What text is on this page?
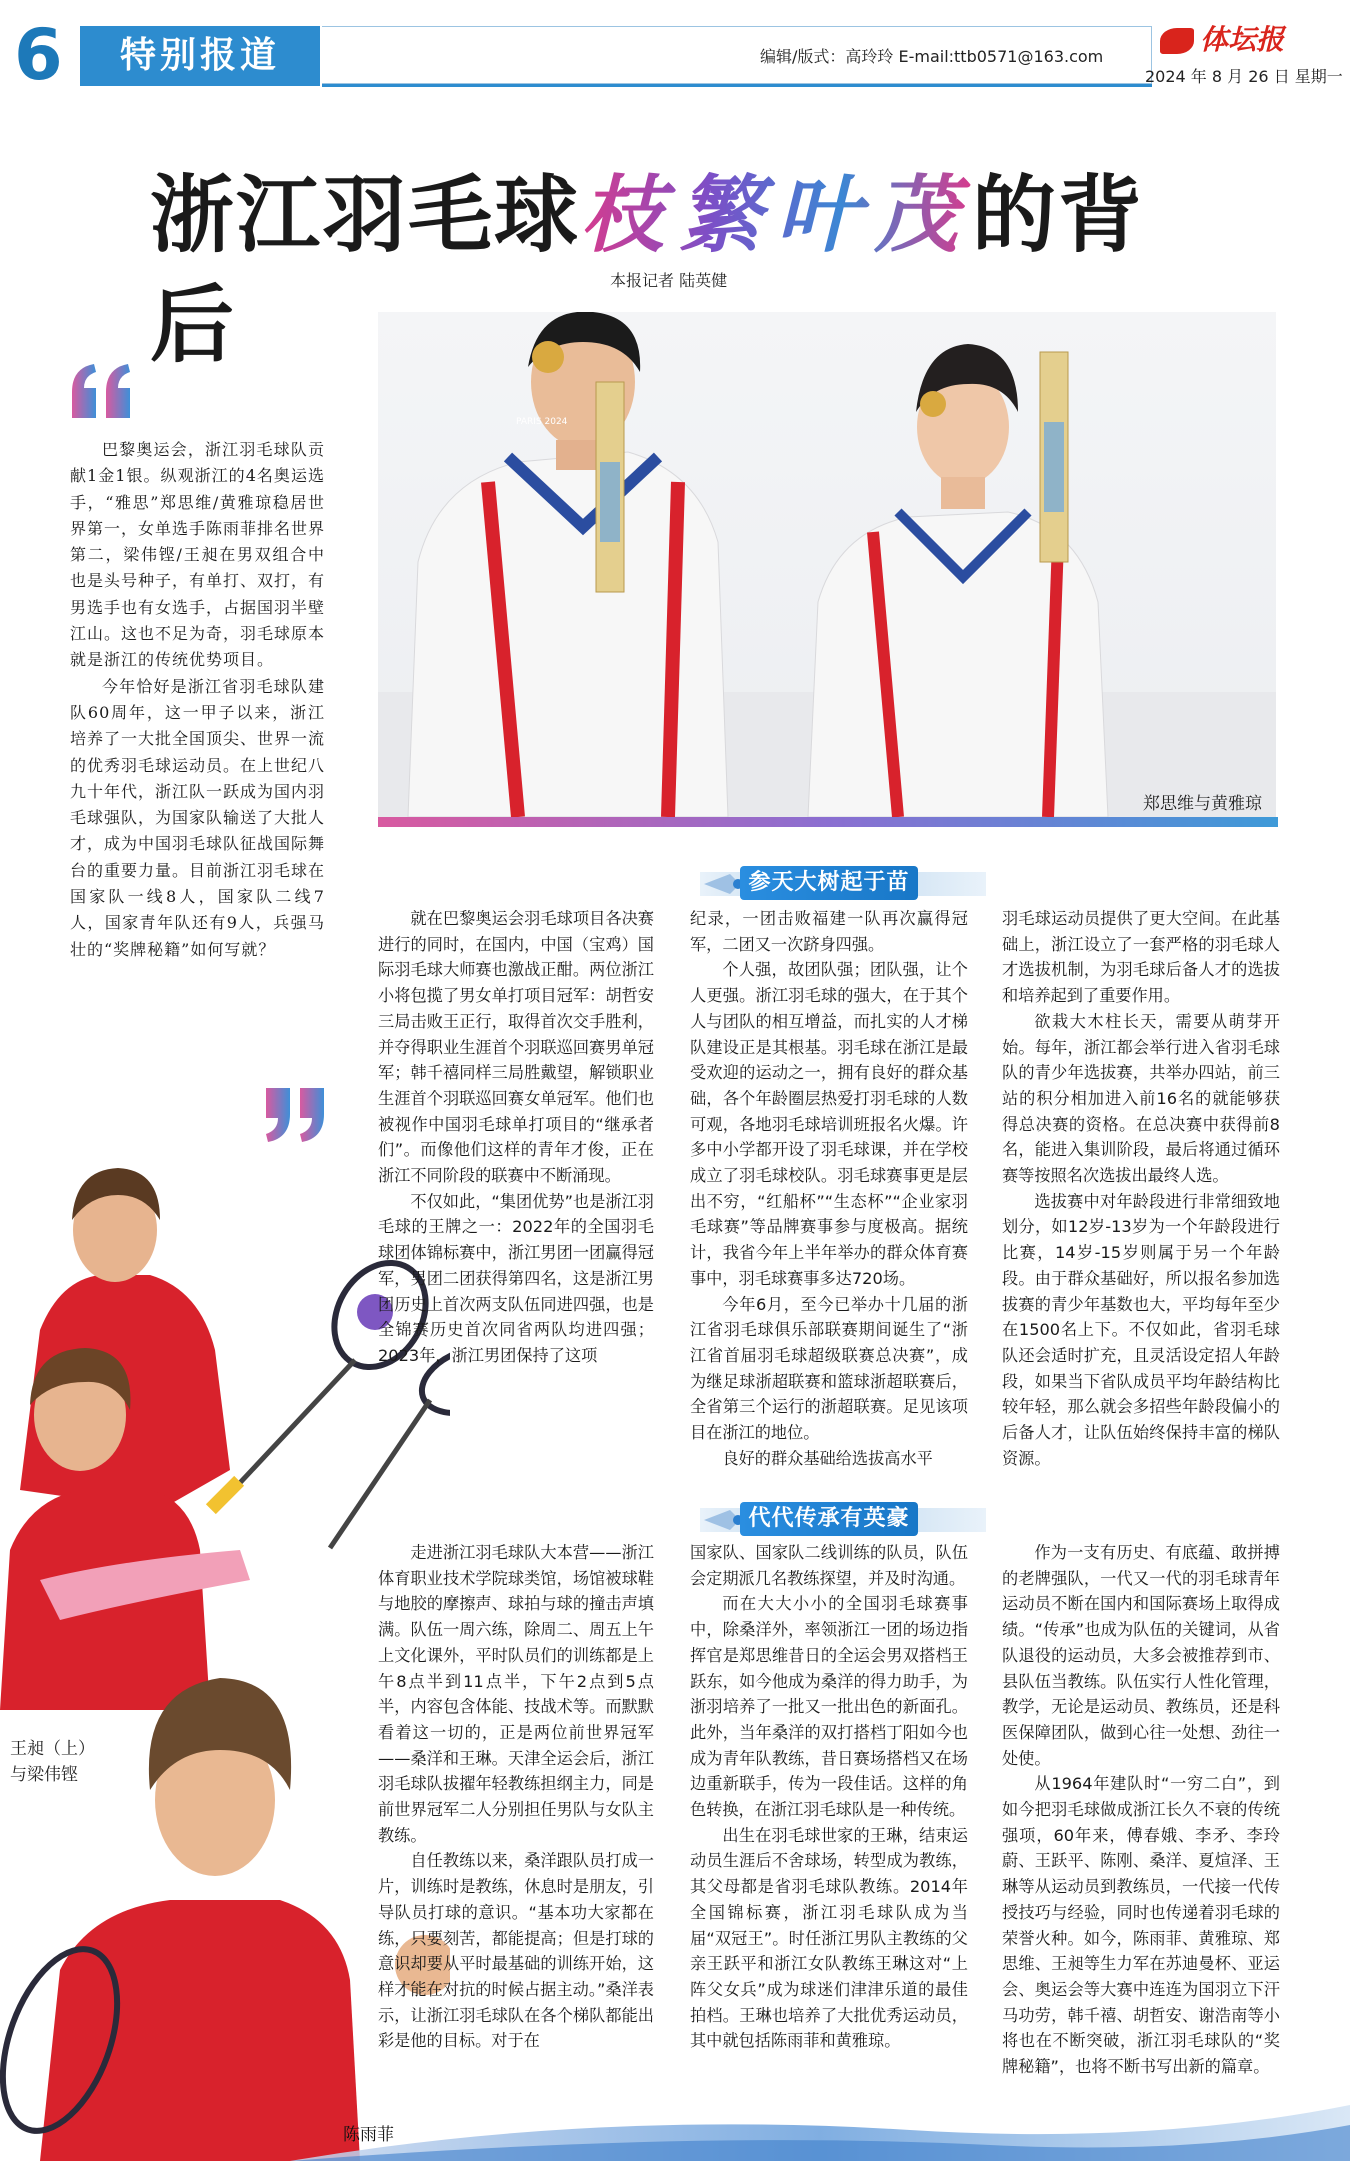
6	特别报道	编辑/版式：高玲玲 E-mail:ttb0571@163.com
体坛报
2024 年 8 月 26 日 星期一
浙江羽毛球枝繁叶茂的背后	本报记者 陆英健

巴黎奥运会，浙江羽毛球队贡献1金1银。纵观浙江的4名奥运选手，“雅思”郑思维/黄雅琼稳居世界第一，女单选手陈雨菲排名世界第二，梁伟铿/王昶在男双组合中也是头号种子，有单打、双打，有男选手也有女选手，占据国羽半壁江山。这也不足为奇，羽毛球原本就是浙江的传统优势项目。

今年恰好是浙江省羽毛球队建队60周年，这一甲子以来，浙江培养了一大批全国顶尖、世界一流的优秀羽毛球运动员。在上世纪八九十年代，浙江队一跃成为国内羽毛球强队，为国家队输送了大批人才，成为中国羽毛球队征战国际舞台的重要力量。目前浙江羽毛球在国家队一线8人，国家队二线7人，国家青年队还有9人，兵强马壮的“奖牌秘籍”如何写就？

PARIS 2024
郑思维与黄雅琼
王昶（上）
与梁伟铿
陈雨菲
参天大树起于苗

就在巴黎奥运会羽毛球项目各决赛进行的同时，在国内，中国（宝鸡）国际羽毛球大师赛也激战正酣。两位浙江小将包揽了男女单打项目冠军：胡哲安三局击败王正行，取得首次交手胜利，并夺得职业生涯首个羽联巡回赛男单冠军；韩千禧同样三局胜戴望，解锁职业生涯首个羽联巡回赛女单冠军。他们也被视作中国羽毛球单打项目的“继承者们”。而像他们这样的青年才俊，正在浙江不同阶段的联赛中不断涌现。

不仅如此，“集团优势”也是浙江羽毛球的王牌之一：2022年的全国羽毛球团体锦标赛中，浙江男团一团赢得冠军，男团二团获得第四名，这是浙江男团历史上首次两支队伍同进四强，也是全锦赛历史首次同省两队均进四强；2023年，浙江男团保持了这项

纪录，一团击败福建一队再次赢得冠军，二团又一次跻身四强。

个人强，故团队强；团队强，让个人更强。浙江羽毛球的强大，在于其个人与团队的相互增益，而扎实的人才梯队建设正是其根基。羽毛球在浙江是最受欢迎的运动之一，拥有良好的群众基础，各个年龄圈层热爱打羽毛球的人数可观，各地羽毛球培训班报名火爆。许多中小学都开设了羽毛球课，并在学校成立了羽毛球校队。羽毛球赛事更是层出不穷，“红船杯”“生态杯”“企业家羽毛球赛”等品牌赛事参与度极高。据统计，我省今年上半年举办的群众体育赛事中，羽毛球赛事多达720场。

今年6月，至今已举办十几届的浙江省羽毛球俱乐部联赛期间诞生了“浙江省首届羽毛球超级联赛总决赛”，成为继足球浙超联赛和篮球浙超联赛后，全省第三个运行的浙超联赛。足见该项目在浙江的地位。

良好的群众基础给选拔高水平

羽毛球运动员提供了更大空间。在此基础上，浙江设立了一套严格的羽毛球人才选拔机制，为羽毛球后备人才的选拔和培养起到了重要作用。

欲栽大木柱长天，需要从萌芽开始。每年，浙江都会举行进入省羽毛球队的青少年选拔赛，共举办四站，前三站的积分相加进入前16名的就能够获得总决赛的资格。在总决赛中获得前8名，能进入集训阶段，最后将通过循环赛等按照名次选拔出最终人选。

选拔赛中对年龄段进行非常细致地划分，如12岁-13岁为一个年龄段进行比赛，14岁-15岁则属于另一个年龄段。由于群众基础好，所以报名参加选拔赛的青少年基数也大，平均每年至少在1500名上下。不仅如此，省羽毛球队还会适时扩充，且灵活设定招人年龄段，如果当下省队成员平均年龄结构比较年轻，那么就会多招些年龄段偏小的后备人才，让队伍始终保持丰富的梯队资源。

代代传承有英豪

走进浙江羽毛球队大本营——浙江体育职业技术学院球类馆，场馆被球鞋与地胶的摩擦声、球拍与球的撞击声填满。队伍一周六练，除周二、周五上午上文化课外，平时队员们的训练都是上午8点半到11点半，下午2点到5点半，内容包含体能、技战术等。而默默看着这一切的，正是两位前世界冠军——桑洋和王琳。天津全运会后，浙江羽毛球队拔擢年轻教练担纲主力，同是前世界冠军二人分别担任男队与女队主教练。

自任教练以来，桑洋跟队员打成一片，训练时是教练，休息时是朋友，引导队员打球的意识。“基本功大家都在练，只要刻苦，都能提高；但是打球的意识却要从平时最基础的训练开始，这样才能在对抗的时候占据主动。”桑洋表示，让浙江羽毛球队在各个梯队都能出彩是他的目标。对于在

国家队、国家队二线训练的队员，队伍会定期派几名教练探望，并及时沟通。

而在大大小小的全国羽毛球赛事中，除桑洋外，率领浙江一团的场边指挥官是郑思维昔日的全运会男双搭档王跃东，如今他成为桑洋的得力助手，为浙羽培养了一批又一批出色的新面孔。此外，当年桑洋的双打搭档丁阳如今也成为青年队教练，昔日赛场搭档又在场边重新联手，传为一段佳话。这样的角色转换，在浙江羽毛球队是一种传统。

出生在羽毛球世家的王琳，结束运动员生涯后不舍球场，转型成为教练，其父母都是省羽毛球队教练。2014年全国锦标赛，浙江羽毛球队成为当届“双冠王”。时任浙江男队主教练的父亲王跃平和浙江女队教练王琳这对“上阵父女兵”成为球迷们津津乐道的最佳拍档。王琳也培养了大批优秀运动员，其中就包括陈雨菲和黄雅琼。

作为一支有历史、有底蕴、敢拼搏的老牌强队，一代又一代的羽毛球青年运动员不断在国内和国际赛场上取得成绩。“传承”也成为队伍的关键词，从省队退役的运动员，大多会被推荐到市、县队伍当教练。队伍实行人性化管理，教学，无论是运动员、教练员，还是科医保障团队，做到心往一处想、劲往一处使。

从1964年建队时“一穷二白”，到如今把羽毛球做成浙江长久不衰的传统强项，60年来，傅春娥、李矛、李玲蔚、王跃平、陈刚、桑洋、夏煊泽、王琳等从运动员到教练员，一代接一代传授技巧与经验，同时也传递着羽毛球的荣誉火种。如今，陈雨菲、黄雅琼、郑思维、王昶等生力军在苏迪曼杯、亚运会、奥运会等大赛中连连为国羽立下汗马功劳，韩千禧、胡哲安、谢浩南等小将也在不断突破，浙江羽毛球队的“奖牌秘籍”，也将不断书写出新的篇章。
